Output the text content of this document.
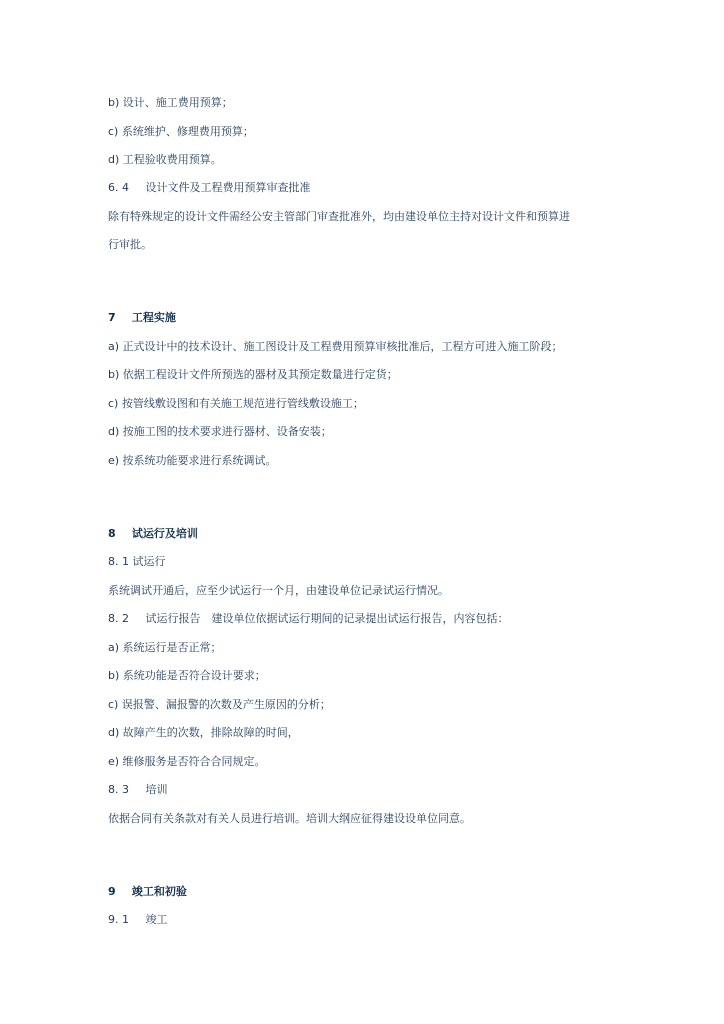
b) 设计、施工费用预算；
c) 系统维护、修理费用预算；
d) 工程验收费用预算。
6. 4 设计文件及工程费用预算审查批准
除有特殊规定的设计文件需经公安主管部门审查批准外，均由建设单位主持对设计文件和预算进
行审批。
7 工程实施
a) 正式设计中的技术设计、施工图设计及工程费用预算审核批准后，工程方可进入施工阶段；
b) 依据工程设计文件所预选的器材及其预定数量进行定货；
c) 按管线敷设图和有关施工规范进行管线敷设施工；
d) 按施工图的技术要求进行器材、设备安装；
e) 按系统功能要求进行系统调试。
8 试运行及培训
8. 1 试运行
系统调试开通后，应至少试运行一个月，由建设单位记录试运行情况。
8. 2 试运行报告　建设单位依据试运行期间的记录提出试运行报告，内容包括：
a) 系统运行是否正常；
b) 系统功能是否符合设计要求；
c) 误报警、漏报警的次数及产生原因的分析；
d) 故障产生的次数，排除故障的时间，
e) 维修服务是否符合合同规定。
8. 3 培训
依据合同有关条款对有关人员进行培训。培训大纲应征得建设设单位同意。
9 竣工和初验
9. 1 竣工
